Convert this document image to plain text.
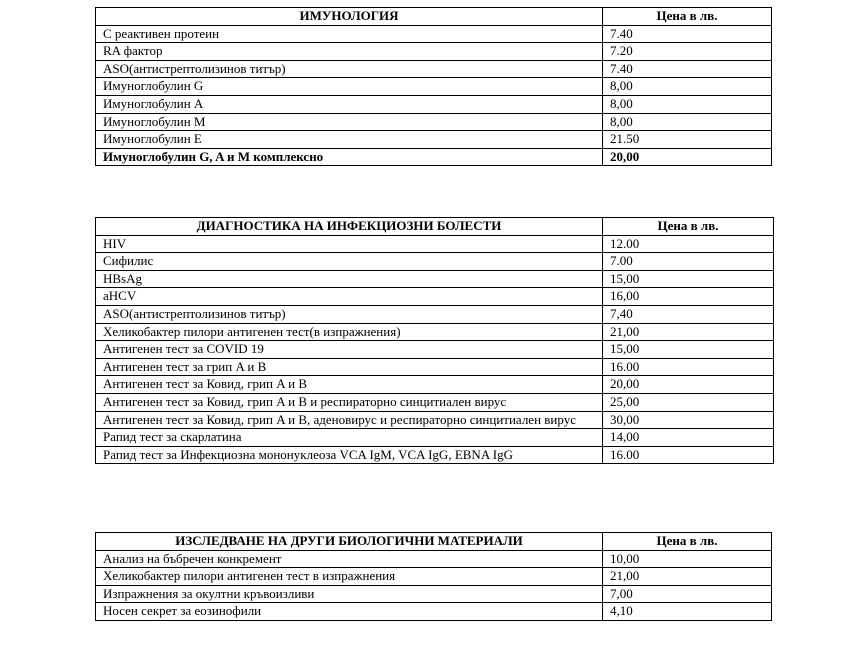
ИМУНОЛОГИЯ	Цена в лв.
С реактивен протеин	7.40
RA фактор	7.20
ASO(антистрептолизинов титър)	7.40
Имуноглобулин G	8,00
Имуноглобулин A	8,00
Имуноглобулин M	8,00
Имуноглобулин E	21.50
Имуноглобулин G, A и M комплексно	20,00
ДИАГНОСТИКА НА ИНФЕКЦИОЗНИ БОЛЕСТИ	Цена в лв.
HIV	12.00
Сифилис	7.00
HBsAg	15,00
aHCV	16,00
ASO(антистрептолизинов титър)	7,40
Хеликобактер пилори антигенен тест(в изпражнения)	21,00
Антигенен тест за COVID 19	15,00
Антигенен тест за грип A и B	16.00
Антигенен тест за Ковид, грип A и B	20,00
Антигенен тест за Ковид, грип A и B и респираторно синцитиален вирус	25,00
Антигенен тест за Ковид, грип A и B, аденовирус и респираторно синцитиален вирус	30,00
Рапид тест за скарлатина	14,00
Рапид тест за Инфекциозна мононуклеоза VCA IgM, VCA IgG, EBNA IgG	16.00
ИЗСЛЕДВАНЕ НА ДРУГИ БИОЛОГИЧНИ МАТЕРИАЛИ	Цена в лв.
Анализ на бъбречен конкремент	10,00
Хеликобактер пилори антигенен тест в изпражнения	21,00
Изпражнения за окултни кръвоизливи	7,00
Носен секрет за еозинофили	4,10
